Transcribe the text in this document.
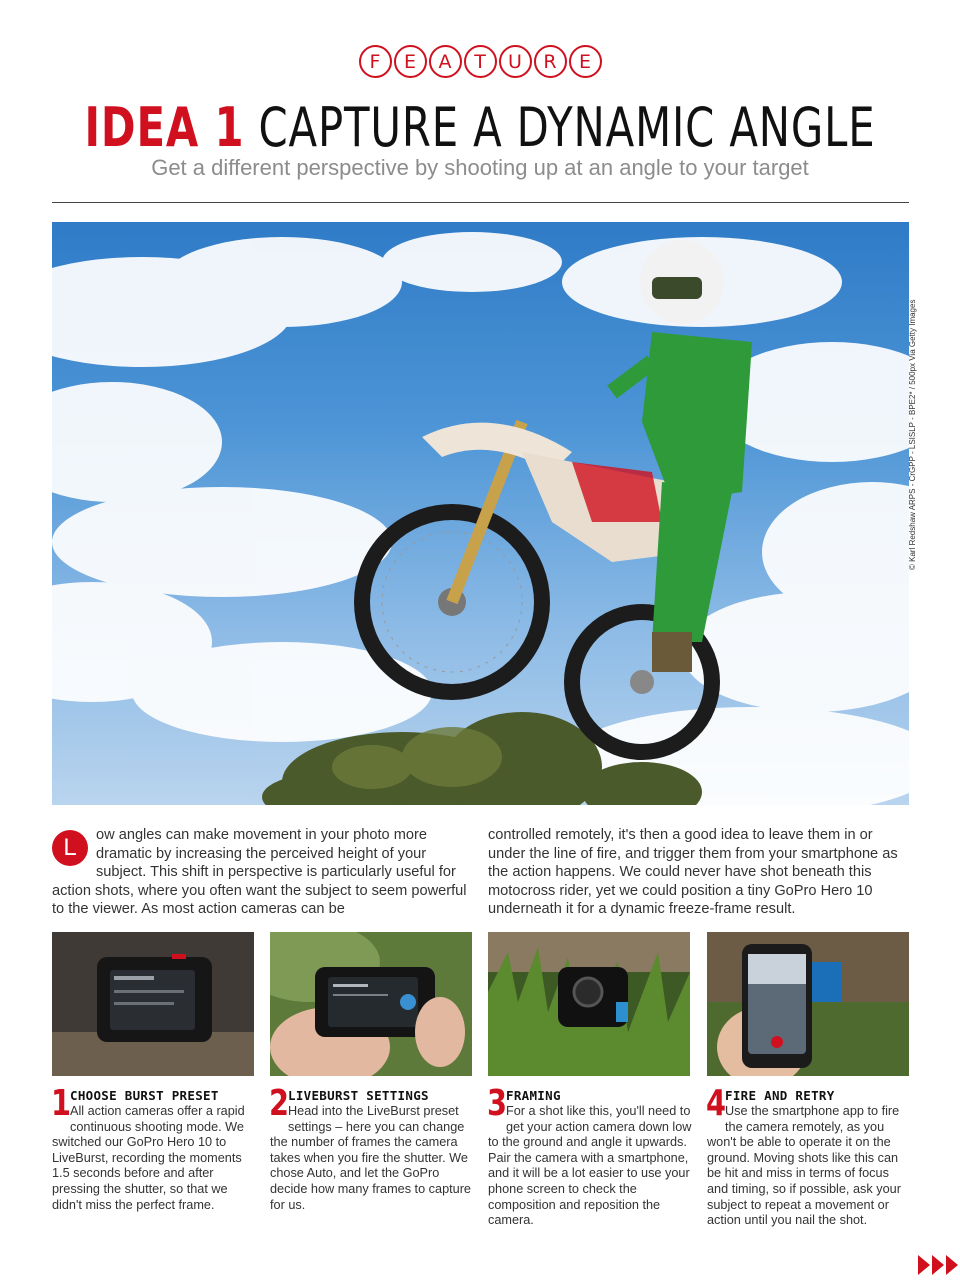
F	E	A	T	U	R	E
IDEA 1 CAPTURE A DYNAMIC ANGLE
Get a different perspective by shooting up at an angle to your target
© Karl Redshaw ARPS - CrGPP - LSISLP - BPE2* / 500px Via Getty Images
L	ow angles can make movement in your photo more dramatic by increasing the perceived height of your subject. This shift in perspective is particularly useful for action shots, where you often want the subject to seem powerful to the viewer. As most action cameras can be
controlled remotely, it's then a good idea to leave them in or under the line of fire, and trigger them from your smartphone as the action happens. We could never have shot beneath this motocross rider, yet we could position a tiny GoPro Hero 10 underneath it for a dynamic freeze-frame result.
1
CHOOSE BURST PRESET
All action cameras offer a rapid continuous shooting mode. We switched our GoPro Hero 10 to LiveBurst, recording the moments 1.5 seconds before and after pressing the shutter, so that we didn't miss the perfect frame.
2
LIVEBURST SETTINGS
Head into the LiveBurst preset settings – here you can change the number of frames the camera takes when you fire the shutter. We chose Auto, and let the GoPro decide how many frames to capture for us.
3
FRAMING
For a shot like this, you'll need to get your action camera down low to the ground and angle it upwards. Pair the camera with a smartphone, and it will be a lot easier to use your phone screen to check the composition and reposition the camera.
4
FIRE AND RETRY
Use the smartphone app to fire the camera remotely, as you won't be able to operate it on the ground. Moving shots like this can be hit and miss in terms of focus and timing, so if possible, ask your subject to repeat a movement or action until you nail the shot.
